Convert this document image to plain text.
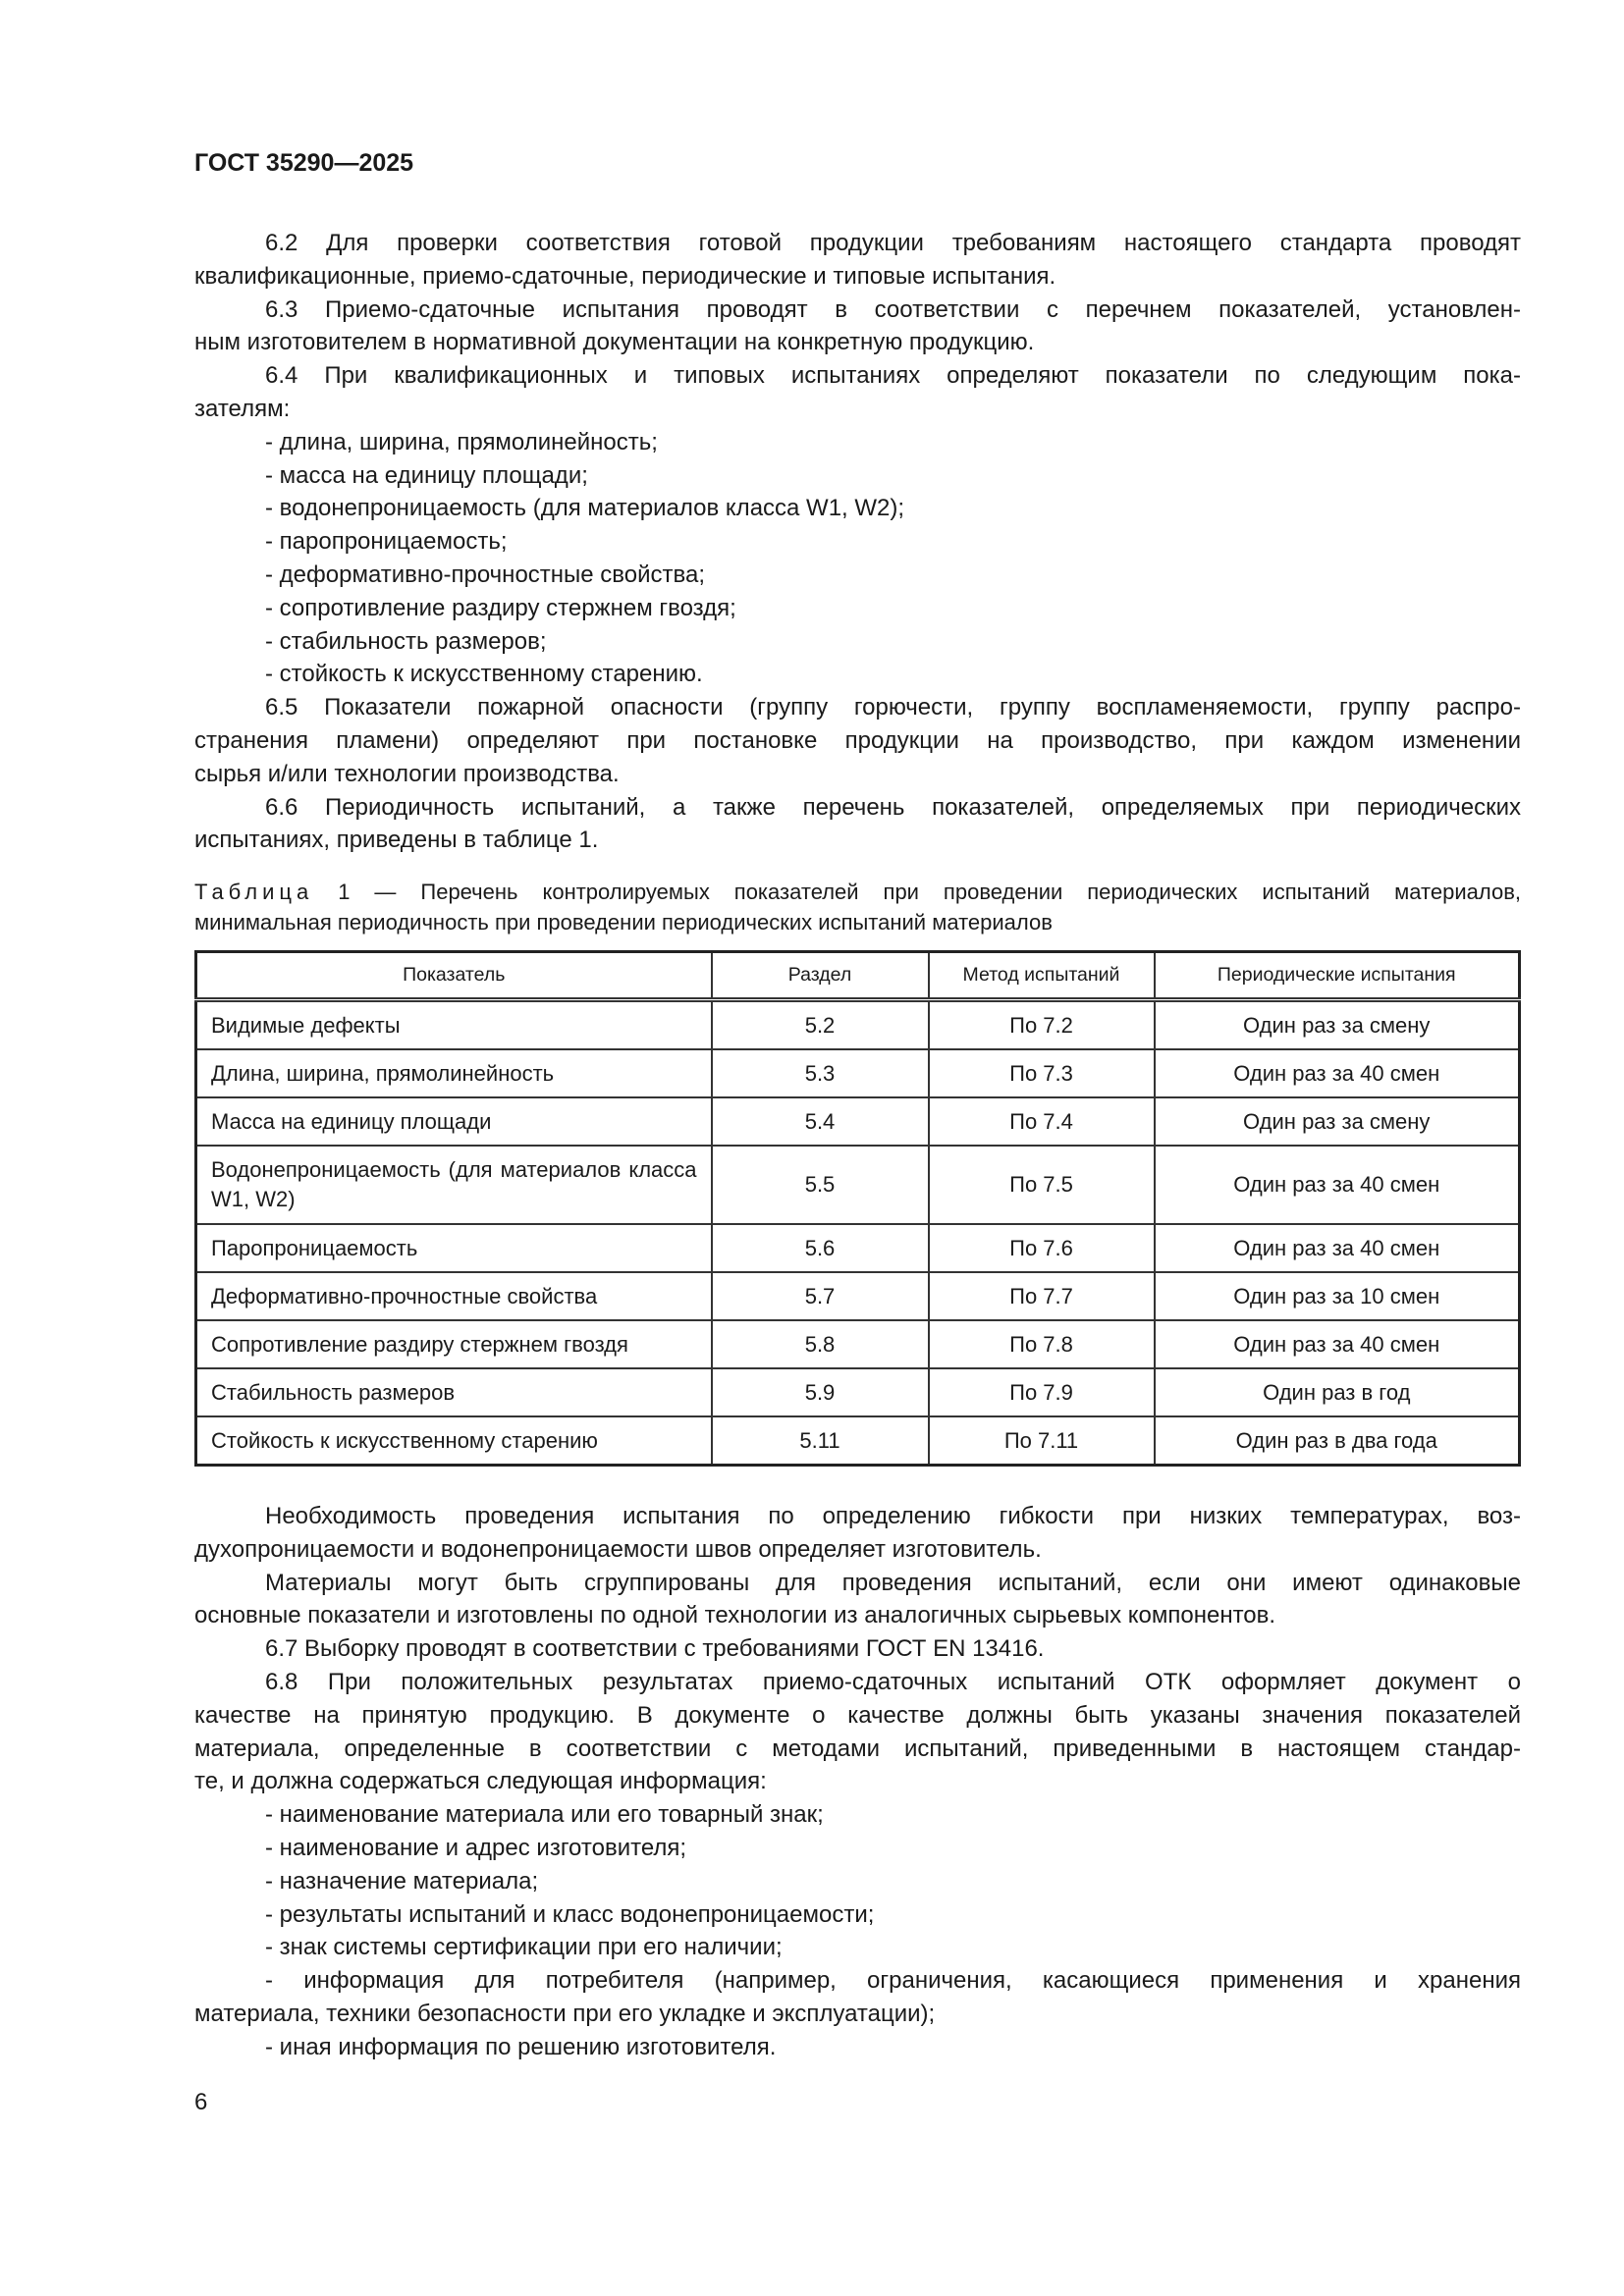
ГОСТ 35290—2025
6.2 Для проверки соответствия готовой продукции требованиям настоящего стандарта проводят
квалификационные, приемо-сдаточные, периодические и типовые испытания.
6.3 Приемо-сдаточные испытания проводят в соответствии с перечнем показателей, установлен-
ным изготовителем в нормативной документации на конкретную продукцию.
6.4 При квалификационных и типовых испытаниях определяют показатели по следующим пока-
зателям:
- длина, ширина, прямолинейность;
- масса на единицу площади;
- водонепроницаемость (для материалов класса W1, W2);
- паропроницаемость;
- деформативно-прочностные свойства;
- сопротивление раздиру стержнем гвоздя;
- стабильность размеров;
- стойкость к искусственному старению.
6.5 Показатели пожарной опасности (группу горючести, группу воспламеняемости, группу распро-
странения пламени) определяют при постановке продукции на производство, при каждом изменении
сырья и/или технологии производства.
6.6 Периодичность испытаний, а также перечень показателей, определяемых при периодических
испытаниях, приведены в таблице 1.
Таблица 1 — Перечень контролируемых показателей при проведении периодических испытаний материалов,
минимальная периодичность при проведении периодических испытаний материалов
Показатель	Раздел	Метод испытаний	Периодические испытания
Видимые дефекты	5.2	По 7.2	Один раз за смену
Длина, ширина, прямолинейность	5.3	По 7.3	Один раз за 40 смен
Масса на единицу площади	5.4	По 7.4	Один раз за смену
Водонепроницаемость (для материалов класса W1, W2)	5.5	По 7.5	Один раз за 40 смен
Паропроницаемость	5.6	По 7.6	Один раз за 40 смен
Деформативно-прочностные свойства	5.7	По 7.7	Один раз за 10 смен
Сопротивление раздиру стержнем гвоздя	5.8	По 7.8	Один раз за 40 смен
Стабильность размеров	5.9	По 7.9	Один раз в год
Стойкость к искусственному старению	5.11	По 7.11	Один раз в два года
Необходимость проведения испытания по определению гибкости при низких температурах, воз-
духопроницаемости и водонепроницаемости швов определяет изготовитель.
Материалы могут быть сгруппированы для проведения испытаний, если они имеют одинаковые
основные показатели и изготовлены по одной технологии из аналогичных сырьевых компонентов.
6.7 Выборку проводят в соответствии с требованиями ГОСТ EN 13416.
6.8 При положительных результатах приемо-сдаточных испытаний ОТК оформляет документ о
качестве на принятую продукцию. В документе о качестве должны быть указаны значения показателей
материала, определенные в соответствии с методами испытаний, приведенными в настоящем стандар-
те, и должна содержаться следующая информация:
- наименование материала или его товарный знак;
- наименование и адрес изготовителя;
- назначение материала;
- результаты испытаний и класс водонепроницаемости;
- знак системы сертификации при его наличии;
- информация для потребителя (например, ограничения, касающиеся применения и хранения
материала, техники безопасности при его укладке и эксплуатации);
- иная информация по решению изготовителя.
6
